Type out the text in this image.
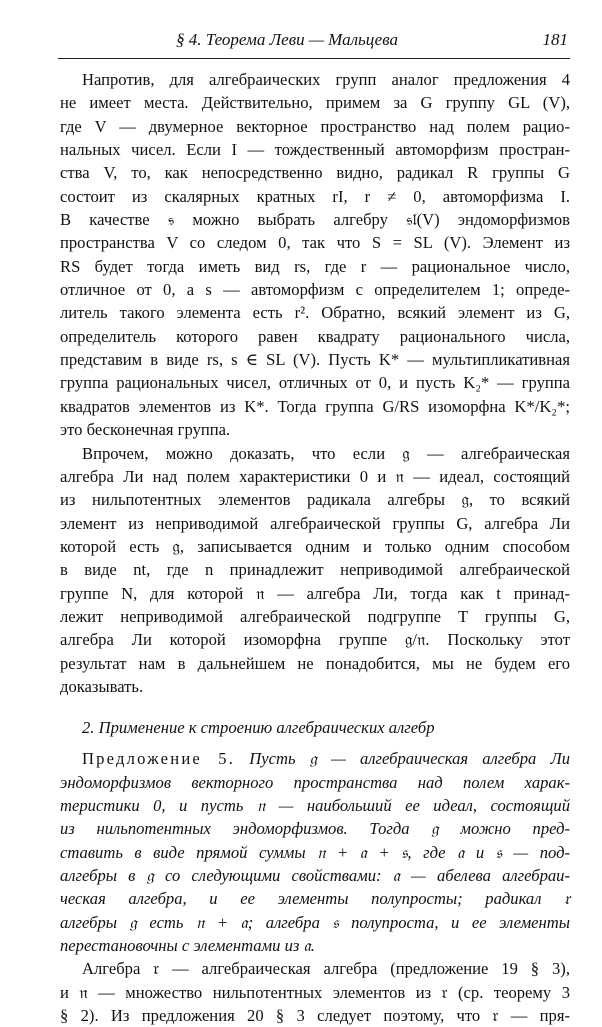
§ 4. Теорема Леви — Мальцева	181
Напротив, для алгебраических групп аналог предложения 4
не имеет места. Действительно, примем за G группу GL (V),
где V — двумерное векторное пространство над полем рацио-
нальных чисел. Если I — тождественный автоморфизм простран-
ства V, то, как непосредственно видно, радикал R группы G
состоит из скалярных кратных rI, r ≠ 0, автоморфизма I.
В качестве 𝔰 можно выбрать алгебру 𝔰𝔩(V) эндоморфизмов
пространства V со следом 0, так что S = SL (V). Элемент из
RS будет тогда иметь вид rs, где r — рациональное число,
отличное от 0, а s — автоморфизм с определителем 1; опреде-
литель такого элемента есть r². Обратно, всякий элемент из G,
определитель которого равен квадрату рационального числа,
представим в виде rs, s ∈ SL (V). Пусть K* — мультипликативная
группа рациональных чисел, отличных от 0, и пусть K₂* — группа
квадратов элементов из K*. Тогда группа G/RS изоморфна K*/K₂*;
это бесконечная группа.
Впрочем, можно доказать, что если 𝔤 — алгебраическая
алгебра Ли над полем характеристики 0 и 𝔫 — идеал, состоящий
из нильпотентных элементов радикала алгебры 𝔤, то всякий
элемент из неприводимой алгебраической группы G, алгебра Ли
которой есть 𝔤, записывается одним и только одним способом
в виде nt, где n принадлежит неприводимой алгебраической
группе N, для которой 𝔫 — алгебра Ли, тогда как t принад-
лежит неприводимой алгебраической подгруппе T группы G,
алгебра Ли которой изоморфна группе 𝔤/𝔫. Поскольку этот
результат нам в дальнейшем не понадобится, мы не будем его
доказывать.
2. Применение к строению алгебраических алгебр
Предложение 5. Пусть 𝔤 — алгебраическая алгебра Ли
эндоморфизмов векторного пространства над полем харак-
теристики 0, и пусть 𝔫 — наибольший ее идеал, состоящий
из нильпотентных эндоморфизмов. Тогда 𝔤 можно пред-
ставить в виде прямой суммы 𝔫 + 𝔞 + 𝔰, где 𝔞 и 𝔰 — под-
алгебры в 𝔤 со следующими свойствами: 𝔞 — абелева алгебраи-
ческая алгебра, и ее элементы полупросты; радикал 𝔯
алгебры 𝔤 есть 𝔫 + 𝔞; алгебра 𝔰 полупроста, и ее элементы
перестановочны с элементами из 𝔞.
Алгебра 𝔯 — алгебраическая алгебра (предложение 19 § 3),
и 𝔫 — множество нильпотентных элементов из 𝔯 (ср. теорему 3
§ 2). Из предложения 20 § 3 следует поэтому, что 𝔯 — пря-
